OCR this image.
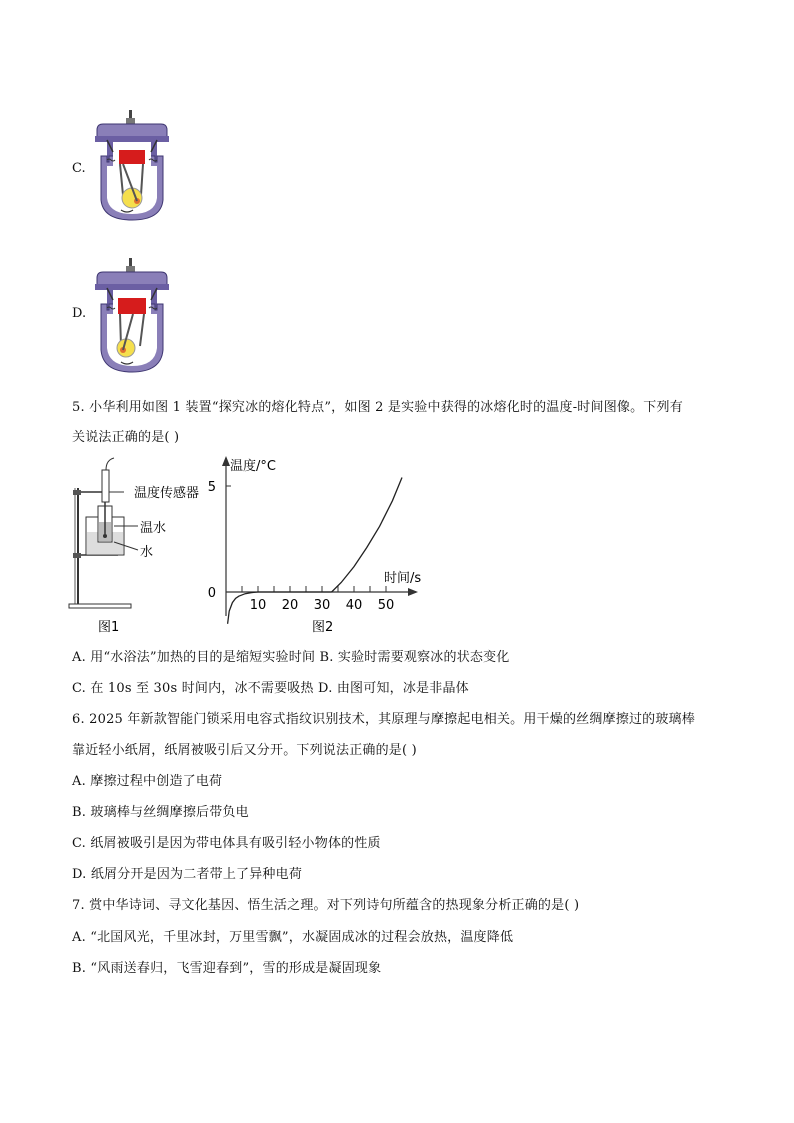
C.
D.
5. 小华利用如图 1 装置“探究冰的熔化特点”，如图 2 是实验中获得的冰熔化时的温度-时间图像。下列有
关说法正确的是( )
温度传感器
温水
水
图1
温度/°C
时间/s
10 20 30 40 50
0
5
图2
A. 用“水浴法”加热的目的是缩短实验时间 B. 实验时需要观察冰的状态变化
C. 在 10s 至 30s 时间内，冰不需要吸热 D. 由图可知，冰是非晶体
6. 2025 年新款智能门锁采用电容式指纹识别技术，其原理与摩擦起电相关。用干燥的丝绸摩擦过的玻璃棒
靠近轻小纸屑，纸屑被吸引后又分开。下列说法正确的是( )
A. 摩擦过程中创造了电荷
B. 玻璃棒与丝绸摩擦后带负电
C. 纸屑被吸引是因为带电体具有吸引轻小物体的性质
D. 纸屑分开是因为二者带上了异种电荷
7. 赏中华诗词、寻文化基因、悟生活之理。对下列诗句所蕴含的热现象分析正确的是( )
A. “北国风光，千里冰封，万里雪飘”，水凝固成冰的过程会放热，温度降低
B. “风雨送春归，飞雪迎春到”，雪的形成是凝固现象
